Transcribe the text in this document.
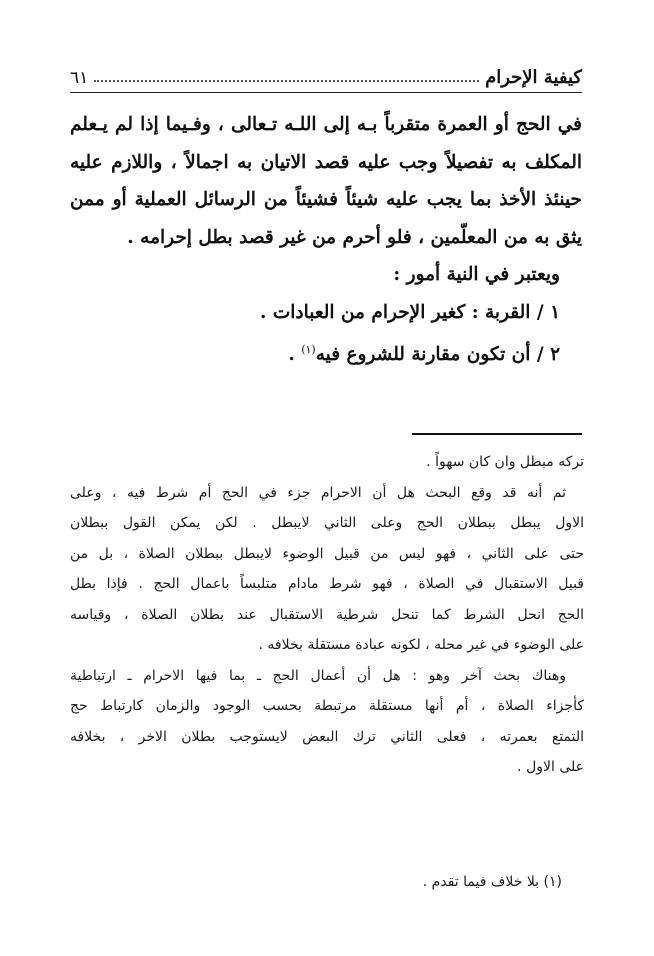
كيفية الإحرام
٦١

في الحج أو العمرة متقرباً بـه إلى اللـه تـعالى ، وفـيما إذا لم يـعلم
المكلف به تفصيلاً وجب عليه قصد الاتيان به اجمالاً ، واللازم عليه
حينئذ الأخذ بما يجب عليه شيئاً فشيئاً من الرسائل العملية أو ممن
يثق به من المعلّمين ، فلو أحرم من غير قصد بطل إحرامه .

ويعتبر في النية أمور :
١ / القربة : كغير الإحرام من العبادات .
٢ / أن تكون مقارنة للشروع فيه$^{(١)}$ .
تركه مبطل وان كان سهواً .
ثم أنه قد وقع البحث هل أن الاحرام جزء في الحج أم شرط فيه ، وعلى
الاول يبطل ببطلان الحج وعلى الثاني لايبطل . لكن يمكن القول ببطلان
حتى على الثاني ، فهو ليس من قبيل الوضوء لايبطل ببطلان الصلاة ، بل من
قبيل الاستقبال في الصلاة ، فهو شرط مادام متلبساً باعمال الحج . فإذا بطل
الحج انحل الشرط كما تنحل شرطية الاستقبال عند بطلان الصلاة ، وقياسه
على الوضوء في غير محله ، لكونه عبادة مستقلة بخلافه .
وهناك بحث آخر وهو : هل أن أعمال الحج ـ بما فيها الاحرام ـ ارتباطية
كأجزاء الصلاة ، أم أنها مستقلة مرتبطة بحسب الوجود والزمان كارتباط حج
التمتع بعمرته ، فعلى الثاني ترك البعض لايستوجب بطلان الاخر ، بخلافه
على الاول .
(١) بلا خلاف فيما تقدم .
